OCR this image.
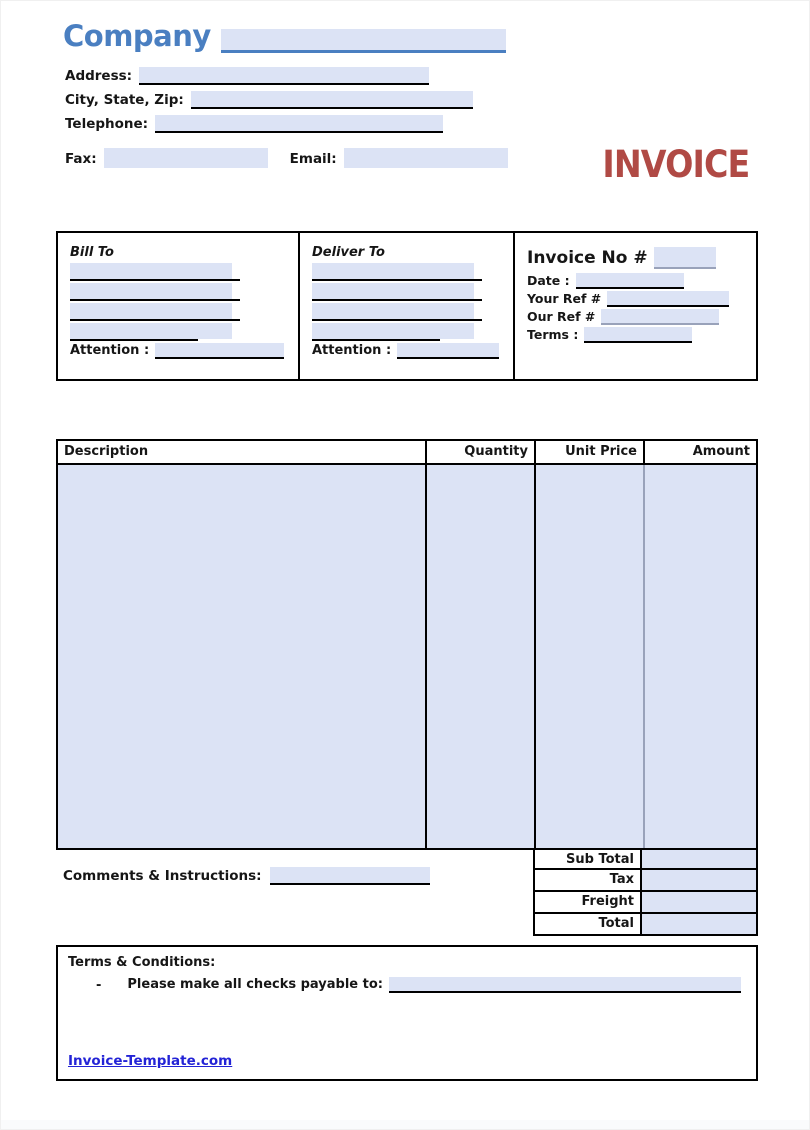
Company
Address:
City, State, Zip:
Telephone:
Fax:	Email:	INVOICE
Bill To
Attention :
Deliver To
Attention :
Invoice No #
Date :
Your Ref #
Our Ref #
Terms :
Description	Quantity	Unit Price	Amount
Sub Total
Tax
Freight
Total
Comments & Instructions:
Terms & Conditions:
- Please make all checks payable to:
Invoice-Template.com
